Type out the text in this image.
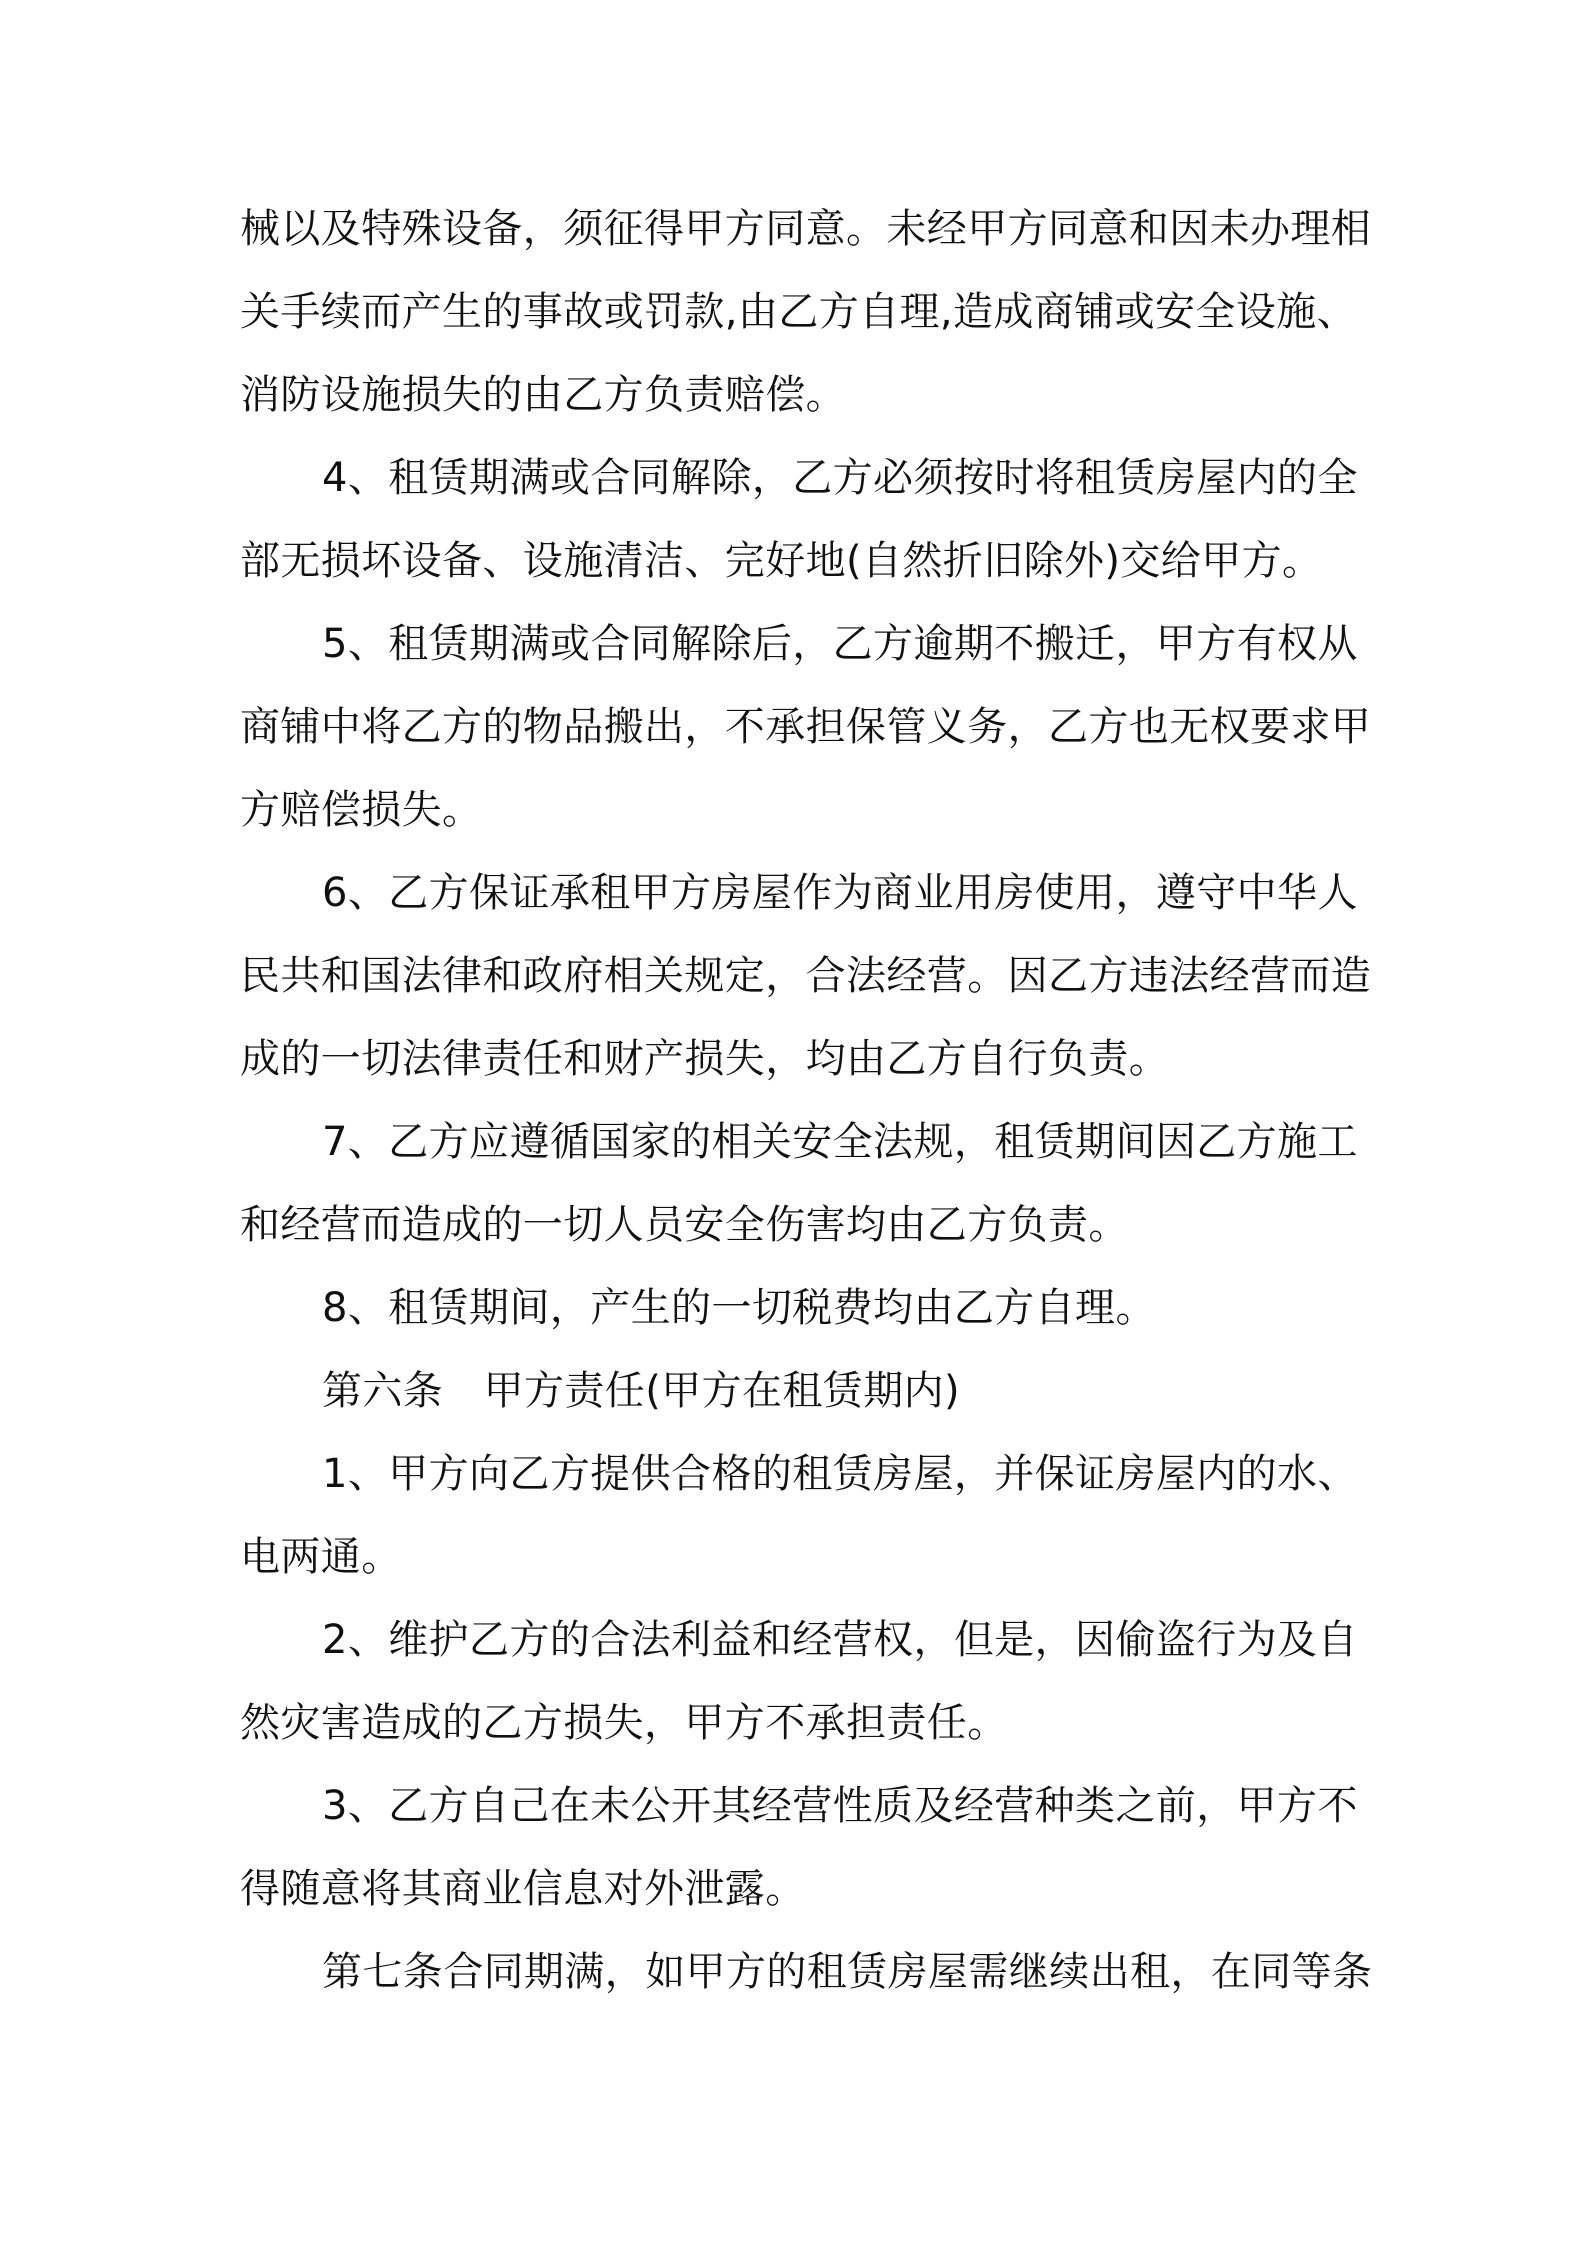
械以及特殊设备，须征得甲方同意。未经甲方同意和因未办理相
关手续而产生的事故或罚款,由乙方自理,造成商铺或安全设施、
消防设施损失的由乙方负责赔偿。
4、租赁期满或合同解除，乙方必须按时将租赁房屋内的全
部无损坏设备、设施清洁、完好地(自然折旧除外)交给甲方。
5、租赁期满或合同解除后，乙方逾期不搬迁，甲方有权从
商铺中将乙方的物品搬出，不承担保管义务，乙方也无权要求甲
方赔偿损失。
6、乙方保证承租甲方房屋作为商业用房使用，遵守中华人
民共和国法律和政府相关规定，合法经营。因乙方违法经营而造
成的一切法律责任和财产损失，均由乙方自行负责。
7、乙方应遵循国家的相关安全法规，租赁期间因乙方施工
和经营而造成的一切人员安全伤害均由乙方负责。
8、租赁期间，产生的一切税费均由乙方自理。
第六条　甲方责任(甲方在租赁期内)
1、甲方向乙方提供合格的租赁房屋，并保证房屋内的水、
电两通。
2、维护乙方的合法利益和经营权，但是，因偷盗行为及自
然灾害造成的乙方损失，甲方不承担责任。
3、乙方自己在未公开其经营性质及经营种类之前，甲方不
得随意将其商业信息对外泄露。
第七条合同期满，如甲方的租赁房屋需继续出租，在同等条
